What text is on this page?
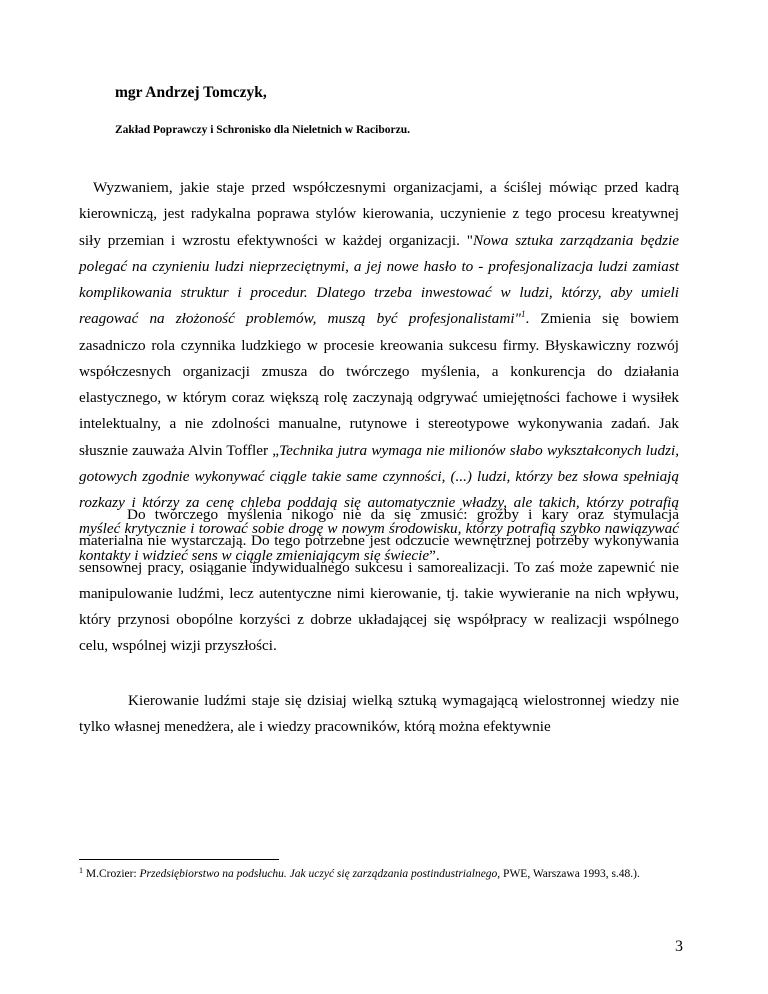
mgr Andrzej Tomczyk,
Zakład Poprawczy i Schronisko dla Nieletnich w Raciborzu.

Wyzwaniem, jakie staje przed współczesnymi organizacjami, a ściślej mówiąc przed kadrą kierowniczą, jest radykalna poprawa stylów kierowania, uczynienie z tego procesu kreatywnej siły przemian i wzrostu efektywności w każdej organizacji. "Nowa sztuka zarządzania będzie polegać na czynieniu ludzi nieprzeciętnymi, a jej nowe hasło to - profesjonalizacja ludzi zamiast komplikowania struktur i procedur. Dlatego trzeba inwestować w ludzi, którzy, aby umieli reagować na złożoność problemów, muszą być profesjonalistami"$^1$. Zmienia się bowiem zasadniczo rola czynnika ludzkiego w procesie kreowania sukcesu firmy. Błyskawiczny rozwój współczesnych organizacji zmusza do twórczego myślenia, a konkurencja do działania elastycznego, w którym coraz większą rolę zaczynają odgrywać umiejętności fachowe i wysiłek intelektualny, a nie zdolności manualne, rutynowe i stereotypowe wykonywania zadań. Jak słusznie zauważa Alvin Toffler „Technika jutra wymaga nie milionów słabo wykształconych ludzi, gotowych zgodnie wykonywać ciągle takie same czynności, (...) ludzi, którzy bez słowa spełniają rozkazy i którzy za cenę chleba poddają się automatycznie władzy, ale takich, którzy potrafią myśleć krytycznie i torować sobie drogę w nowym środowisku, którzy potrafią szybko nawiązywać kontakty i widzieć sens w ciągle zmieniającym się świecie”.

Do twórczego myślenia nikogo nie da się zmusić: groźby i kary oraz stymulacja materialna nie wystarczają. Do tego potrzebne jest odczucie wewnętrznej potrzeby wykonywania sensownej pracy, osiąganie indywidualnego sukcesu i samorealizacji. To zaś może zapewnić nie manipulowanie ludźmi, lecz autentyczne nimi kierowanie, tj. takie wywieranie na nich wpływu, który przynosi obopólne korzyści z dobrze układającej się współpracy w realizacji wspólnego celu, wspólnej wizji przyszłości.

Kierowanie ludźmi staje się dzisiaj wielką sztuką wymagającą wielostronnej wiedzy nie tylko własnej menedżera, ale i wiedzy pracowników, którą można efektywnie

$^1$ M.Crozier: Przedsiębiorstwo na podsłuchu. Jak uczyć się zarządzania postindustrialnego, PWE, Warszawa 1993, s.48.).
3
